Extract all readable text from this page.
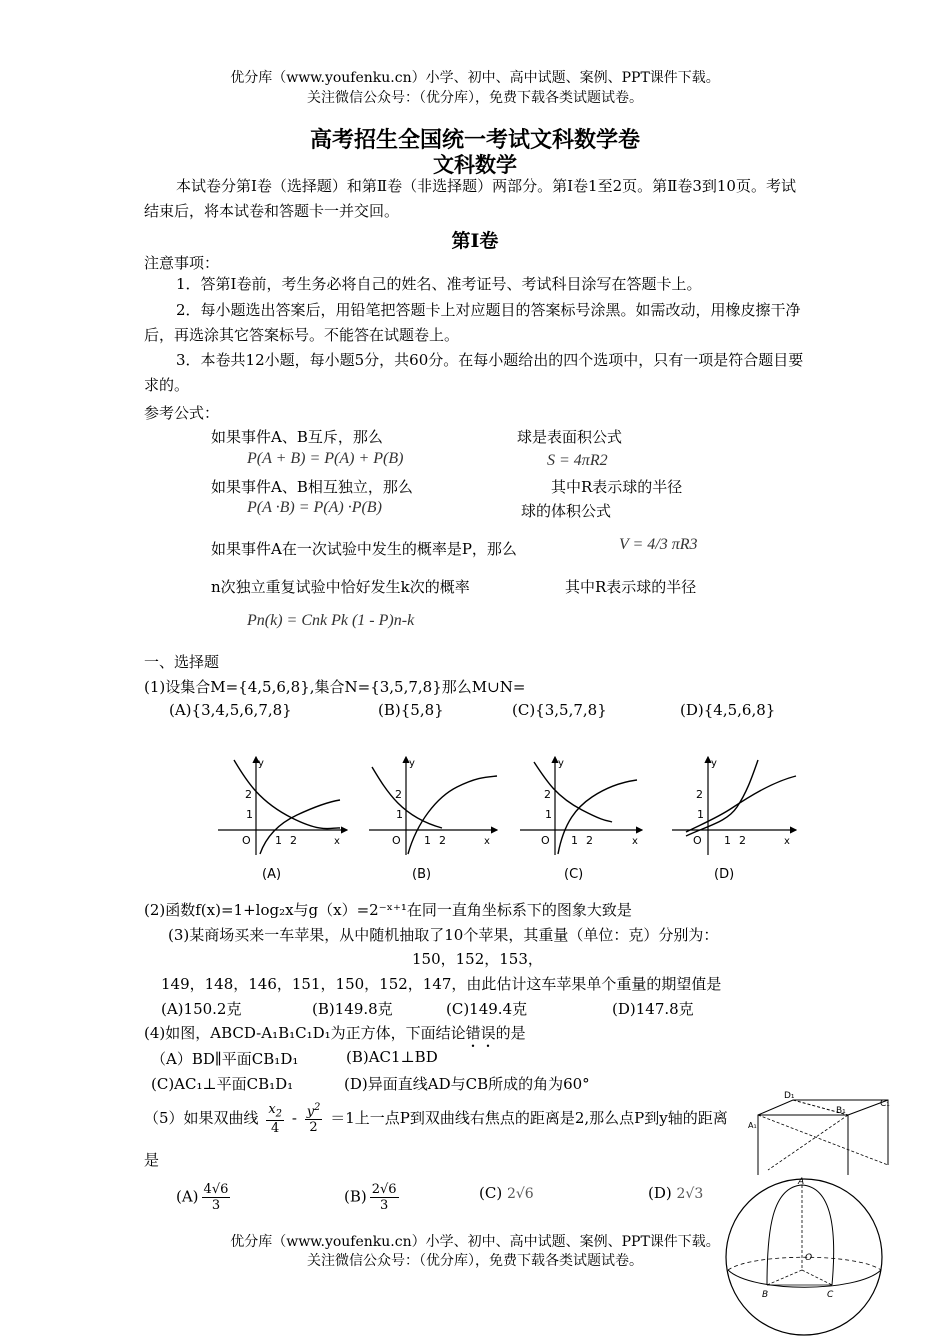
优分库（www.youfenku.cn）小学、初中、高中试题、案例、PPT课件下载。
关注微信公众号：（优分库），免费下载各类试题试卷。
高考招生全国统一考试文科数学卷
文科数学
本试卷分第Ⅰ卷（选择题）和第Ⅱ卷（非选择题）两部分。第Ⅰ卷1至2页。第Ⅱ卷3到10页。考试结束后，将本试卷和答题卡一并交回。
第Ⅰ卷
注意事项：
1．答第Ⅰ卷前，考生务必将自己的姓名、准考证号、考试科目涂写在答题卡上。
2．每小题选出答案后，用铅笔把答题卡上对应题目的答案标号涂黑。如需改动，用橡皮擦干净后，再选涂其它答案标号。不能答在试题卷上。
3．本卷共12小题，每小题5分，共60分。在每小题给出的四个选项中，只有一项是符合题目要求的。
参考公式：
如果事件A、B互斥，那么
P(A + B) = P(A) + P(B)
如果事件A、B相互独立，那么
P(A ·B) = P(A) ·P(B)
如果事件A在一次试验中发生的概率是P，那么
n次独立重复试验中恰好发生k次的概率
Pn(k) = Cnk Pk (1 - P)n-k
球是表面积公式
S = 4πR2
其中R表示球的半径
球的体积公式
V = 4/3 πR3
其中R表示球的半径
一、选择题
(1)设集合M={4,5,6,8},集合N={3,5,7,8}那么M∪N=
(A){3,4,5,6,7,8}	(B){5,8}	(C){3,5,7,8}	(D){4,5,6,8}
y
x
O
2
1
1 2
(A)
y
x
O
2
1
1 2
(B)
y
x
O
2
1
1 2
(C)
y
x
O
2
1
1 2
(D)
(2)函数f(x)=1+log₂x与g（x）=2⁻ˣ⁺¹在同一直角坐标系下的图象大致是
(3)某商场买来一车苹果，从中随机抽取了10个苹果，其重量（单位：克）分别为：
150，152，153，
149，148，146，151，150，152，147，由此估计这车苹果单个重量的期望值是
(A)150.2克	(B)149.8克	(C)149.4克	(D)147.8克
(4)如图，ABCD-A₁B₁C₁D₁为正方体，下面结论错误的是
（A）BD∥平面CB₁D₁	(B)AC1⊥BD
(C)AC₁⊥平面CB₁D₁	(D)异面直线AD与CB所成的角为60°
（5）如果双曲线 $\frac{x_2}{4} - \frac{y^2}{2} =1$上一点P到双曲线右焦点的距离是2,那么点P到y轴的距离
是
$(A) \frac{4√6}{3}$	$(B) \frac{2√6}{3}$	(C) 2√6	(D) 2√3
D₁
B₁
C₁
A₁
A
B	C
O
优分库（www.youfenku.cn）小学、初中、高中试题、案例、PPT课件下载。
关注微信公众号：（优分库），免费下载各类试题试卷。
